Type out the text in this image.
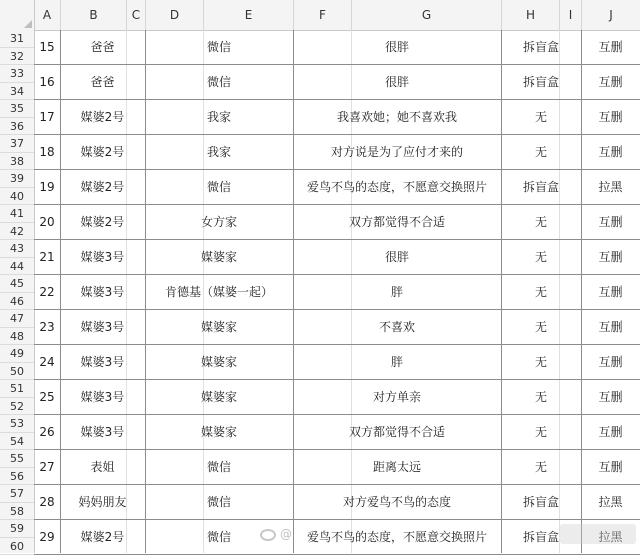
A	B	C	D	E	F	G	H	I	J
31
32
33
34
35
36
37
38
39
40
41
42
43
44
45
46
47
48
49
50
51
52
53
54
55
56
57
58
59
60
15	爸爸	微信	很胖	拆盲盒	互删
16	爸爸	微信	很胖	拆盲盒	互删
17	媒婆2号	我家	我喜欢她；她不喜欢我	无	互删
18	媒婆2号	我家	对方说是为了应付才来的	无	互删
19	媒婆2号	微信	爱鸟不鸟的态度，不愿意交换照片	拆盲盒	拉黑
20	媒婆2号	女方家	双方都觉得不合适	无	互删
21	媒婆3号	媒婆家	很胖	无	互删
22	媒婆3号	肯德基（媒婆一起）	胖	无	互删
23	媒婆3号	媒婆家	不喜欢	无	互删
24	媒婆3号	媒婆家	胖	无	互删
25	媒婆3号	媒婆家	对方单亲	无	互删
26	媒婆3号	媒婆家	双方都觉得不合适	无	互删
27	表姐	微信	距离太远	无	互删
28	妈妈朋友	微信	对方爱鸟不鸟的态度	拆盲盒	拉黑
29	媒婆2号	微信	爱鸟不鸟的态度，不愿意交换照片	拆盲盒	拉黑
@
